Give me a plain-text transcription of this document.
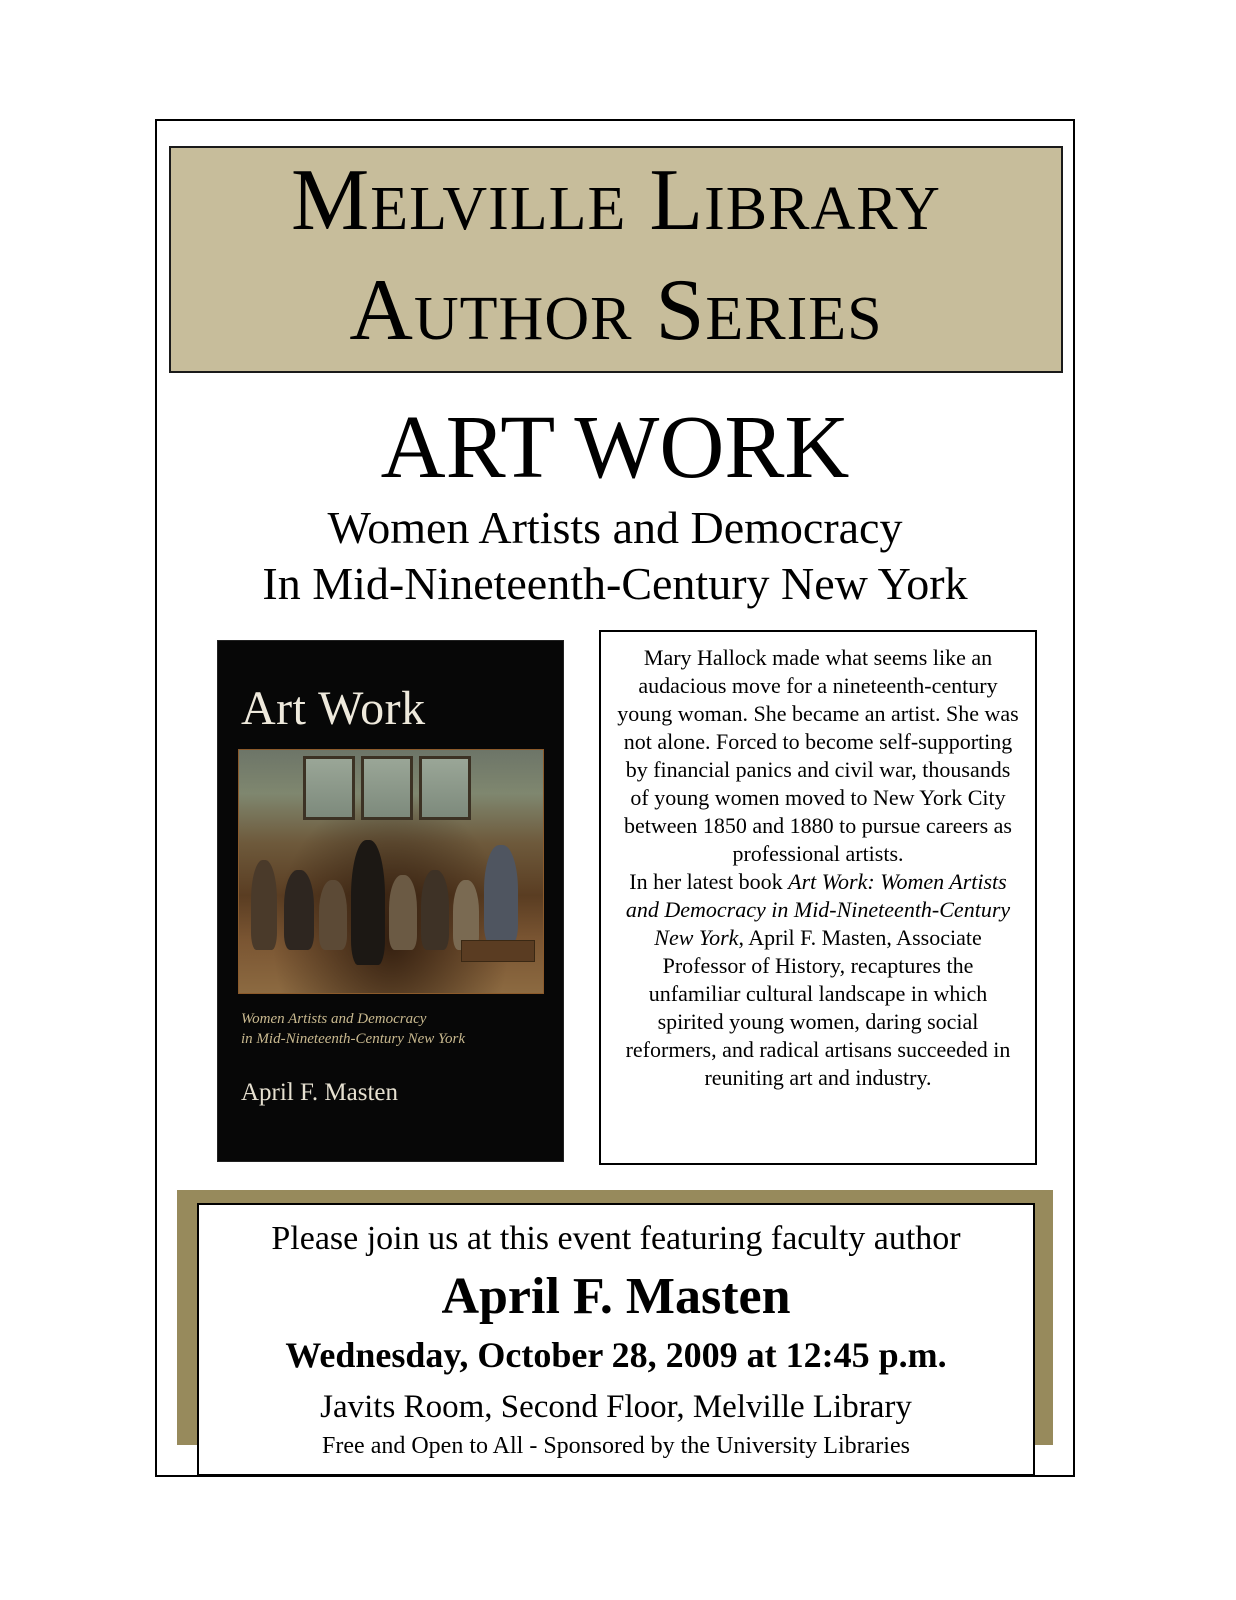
Melville Library
Author Series
ART WORK
Women Artists and Democracy
In Mid-Nineteenth-Century New York
Art Work
Women Artists and Democracy
in Mid-Nineteenth-Century New York
April F. Masten

Mary Hallock made what seems like an audacious move for a nineteenth-century young woman. She became an artist. She was not alone. Forced to become self-supporting by financial panics and civil war, thousands of young women moved to New York City between 1850 and 1880 to pursue careers as professional artists.

In her latest book Art Work: Women Artists and Democracy in Mid-Nineteenth-Century New York, April F. Masten, Associate Professor of History, recaptures the unfamiliar cultural landscape in which spirited young women, daring social reformers, and radical artisans succeeded in reuniting art and industry.

Please join us at this event featuring faculty author
April F. Masten
Wednesday, October 28, 2009 at 12:45 p.m.
Javits Room, Second Floor, Melville Library
Free and Open to All - Sponsored by the University Libraries
